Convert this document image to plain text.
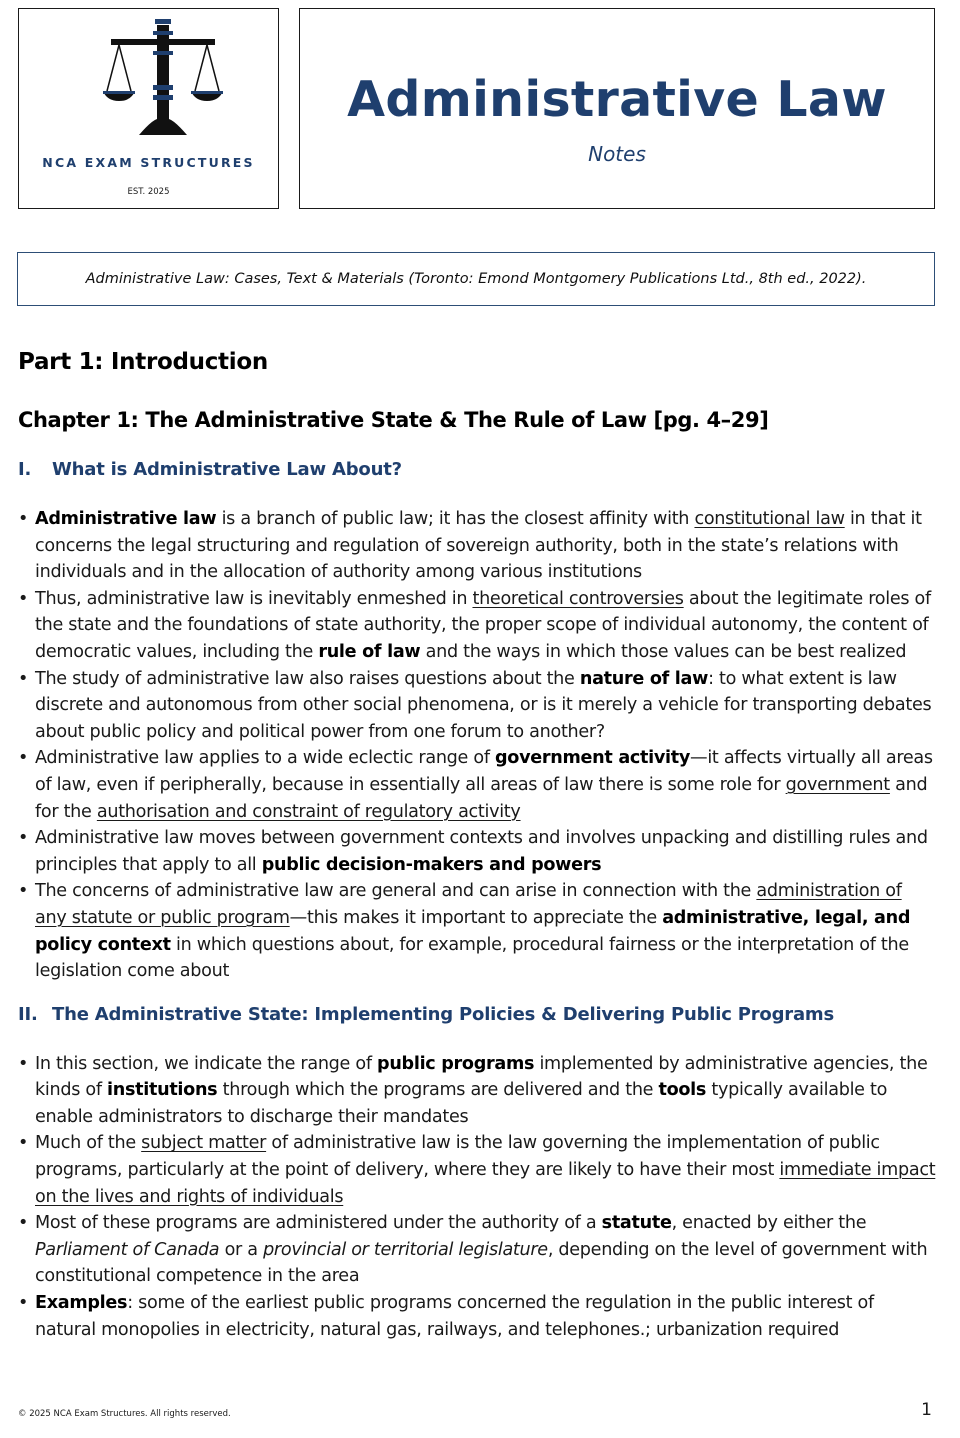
NCA EXAM STRUCTURES
EST. 2025
Administrative Law
Notes
Administrative Law: Cases, Text & Materials (Toronto: Emond Montgomery Publications Ltd., 8th ed., 2022).
Part 1: Introduction
Chapter 1: The Administrative State & The Rule of Law [pg. 4–29]
I.	What is Administrative Law About?
• Administrative law is a branch of public law; it has the closest affinity with constitutional law in that it concerns the legal structuring and regulation of sovereign authority, both in the state’s relations with individuals and in the allocation of authority among various institutions
• Thus, administrative law is inevitably enmeshed in theoretical controversies about the legitimate roles of the state and the foundations of state authority, the proper scope of individual autonomy, the content of democratic values, including the rule of law and the ways in which those values can be best realized
• The study of administrative law also raises questions about the nature of law: to what extent is law discrete and autonomous from other social phenomena, or is it merely a vehicle for transporting debates about public policy and political power from one forum to another?
• Administrative law applies to a wide eclectic range of government activity—it affects virtually all areas of law, even if peripherally, because in essentially all areas of law there is some role for government and for the authorisation and constraint of regulatory activity
• Administrative law moves between government contexts and involves unpacking and distilling rules and principles that apply to all public decision-makers and powers
• The concerns of administrative law are general and can arise in connection with the administration of any statute or public program—this makes it important to appreciate the administrative, legal, and policy context in which questions about, for example, procedural fairness or the interpretation of the legislation come about
II. The Administrative State: Implementing Policies & Delivering Public Programs
• In this section, we indicate the range of public programs implemented by administrative agencies, the kinds of institutions through which the programs are delivered and the tools typically available to enable administrators to discharge their mandates
• Much of the subject matter of administrative law is the law governing the implementation of public programs, particularly at the point of delivery, where they are likely to have their most immediate impact on the lives and rights of individuals
• Most of these programs are administered under the authority of a statute, enacted by either the Parliament of Canada or a provincial or territorial legislature, depending on the level of government with constitutional competence in the area
• Examples: some of the earliest public programs concerned the regulation in the public interest of natural monopolies in electricity, natural gas, railways, and telephones.; urbanization required
© 2025 NCA Exam Structures. All rights reserved.	1
